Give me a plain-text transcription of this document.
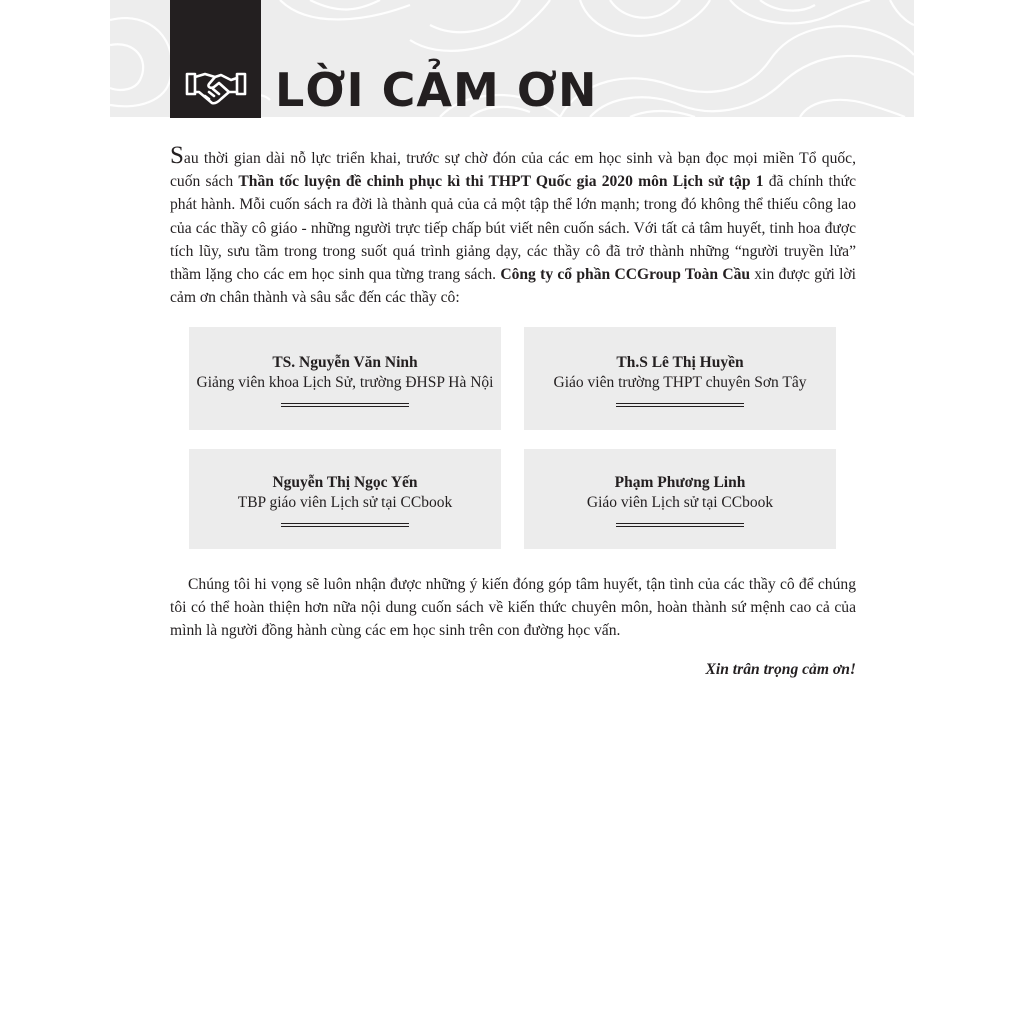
LỜI CẢM ƠN
Sau thời gian dài nỗ lực triển khai, trước sự chờ đón của các em học sinh và bạn đọc mọi miền Tổ quốc, cuốn sách Thần tốc luyện đề chinh phục kì thi THPT Quốc gia 2020 môn Lịch sử tập 1 đã chính thức phát hành. Mỗi cuốn sách ra đời là thành quả của cả một tập thể lớn mạnh; trong đó không thể thiếu công lao của các thầy cô giáo - những người trực tiếp chấp bút viết nên cuốn sách. Với tất cả tâm huyết, tinh hoa được tích lũy, sưu tầm trong trong suốt quá trình giảng dạy, các thầy cô đã trở thành những “người truyền lửa” thầm lặng cho các em học sinh qua từng trang sách. Công ty cổ phần CCGroup Toàn Cầu xin được gửi lời cảm ơn chân thành và sâu sắc đến các thầy cô:
TS. Nguyễn Văn Ninh
Giảng viên khoa Lịch Sử, trường ĐHSP Hà Nội
Th.S Lê Thị Huyền
Giáo viên trường THPT chuyên Sơn Tây
Nguyễn Thị Ngọc Yến
TBP giáo viên Lịch sử tại CCbook
Phạm Phương Linh
Giáo viên Lịch sử tại CCbook
Chúng tôi hi vọng sẽ luôn nhận được những ý kiến đóng góp tâm huyết, tận tình của các thầy cô để chúng tôi có thể hoàn thiện hơn nữa nội dung cuốn sách về kiến thức chuyên môn, hoàn thành sứ mệnh cao cả của mình là người đồng hành cùng các em học sinh trên con đường học vấn.
Xin trân trọng cảm ơn!
